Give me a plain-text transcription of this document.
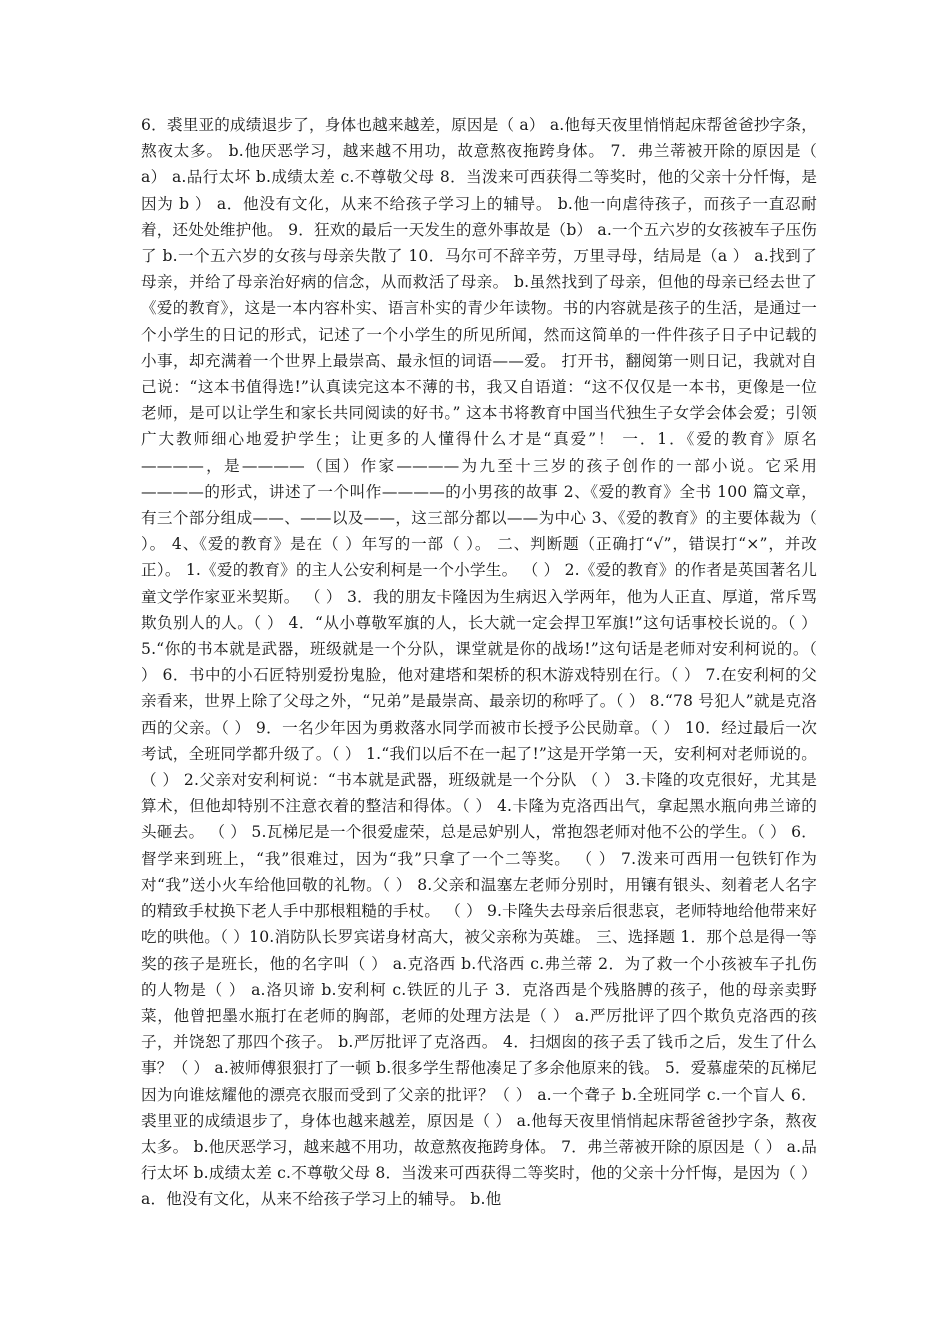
6．裘里亚的成绩退步了，身体也越来越差，原因是（ a） a.他每天夜里悄悄起床帮爸爸抄字条，熬夜太多。 b.他厌恶学习，越来越不用功，故意熬夜拖跨身体。 7．弗兰蒂被开除的原因是（ a） a.品行太坏 b.成绩太差 c.不尊敬父母 8．当泼来可西获得二等奖时，他的父亲十分忏悔，是因为 b ） a．他没有文化，从来不给孩子学习上的辅导。 b.他一向虐待孩子，而孩子一直忍耐着，还处处维护他。 9．狂欢的最后一天发生的意外事故是（b） a.一个五六岁的女孩被车子压伤了 b.一个五六岁的女孩与母亲失散了 10．马尔可不辞辛劳，万里寻母，结局是（a ） a.找到了母亲，并给了母亲治好病的信念，从而救活了母亲。 b.虽然找到了母亲，但他的母亲已经去世了《爱的教育》，这是一本内容朴实、语言朴实的青少年读物。书的内容就是孩子的生活，是通过一个小学生的日记的形式，记述了一个小学生的所见所闻，然而这简单的一件件孩子日子中记载的小事，却充满着一个世界上最崇高、最永恒的词语——爱。 打开书，翻阅第一则日记，我就对自己说：“这本书值得选!”认真读完这本不薄的书，我又自语道：“这不仅仅是一本书，更像是一位老师，是可以让学生和家长共同阅读的好书。” 这本书将教育中国当代独生子女学会体会爱；引领广大教师细心地爱护学生；让更多的人懂得什么才是“真爱”！ 一．1．《爱的教育》原名————，是————（国）作家————为九至十三岁的孩子创作的一部小说。它采用————的形式，讲述了一个叫作————的小男孩的故事 2、《爱的教育》全书 100 篇文章，有三个部分组成——、——以及——，这三部分都以——为中心 3、《爱的教育》的主要体裁为（ ）。 4、《爱的教育》是在（ ）年写的一部（ ）。 二、判断题（正确打“√”，错误打“×”，并改正）。 1.《爱的教育》的主人公安利柯是一个小学生。 （ ） 2.《爱的教育》的作者是英国著名儿童文学作家亚米契斯。 （ ） 3．我的朋友卡隆因为生病迟入学两年，他为人正直、厚道，常斥骂欺负别人的人。（ ） 4．“从小尊敬军旗的人，长大就一定会捍卫军旗!”这句话事校长说的。（ ） 5.“你的书本就是武器，班级就是一个分队，课堂就是你的战场!”这句话是老师对安利柯说的。（ ） 6．书中的小石匠特别爱扮鬼脸，他对建塔和架桥的积木游戏特别在行。（ ） 7.在安利柯的父亲看来，世界上除了父母之外，“兄弟”是最崇高、最亲切的称呼了。（ ） 8.“78 号犯人”就是克洛西的父亲。（ ） 9．一名少年因为勇救落水同学而被市长授予公民勋章。（ ） 10．经过最后一次考试，全班同学都升级了。（ ） 1.“我们以后不在一起了!”这是开学第一天，安利柯对老师说的。 （ ） 2.父亲对安利柯说：“书本就是武器，班级就是一个分队 （ ） 3.卡隆的攻克很好，尤其是算术，但他却特别不注意衣着的整洁和得体。（ ） 4.卡隆为克洛西出气，拿起黑水瓶向弗兰谛的头砸去。 （ ） 5.瓦梯尼是一个很爱虚荣，总是忌妒别人，常抱怨老师对他不公的学生。（ ） 6．督学来到班上，“我”很难过，因为“我”只拿了一个二等奖。 （ ） 7.泼来可西用一包铁钉作为对“我”送小火车给他回敬的礼物。（ ） 8.父亲和温塞左老师分别时，用镶有银头、刻着老人名字的精致手杖换下老人手中那根粗糙的手杖。 （ ） 9.卡隆失去母亲后很悲哀，老师特地给他带来好吃的哄他。（ ）10.消防队长罗宾诺身材高大，被父亲称为英雄。 三、选择题 1．那个总是得一等奖的孩子是班长，他的名字叫（ ） a.克洛西 b.代洛西 c.弗兰蒂 2．为了救一个小孩被车子扎伤的人物是（ ） a.洛贝谛 b.安利柯 c.铁匠的儿子 3．克洛西是个残胳膊的孩子，他的母亲卖野菜，他曾把墨水瓶打在老师的胸部，老师的处理方法是（ ） a.严厉批评了四个欺负克洛西的孩子，并饶恕了那四个孩子。 b.严厉批评了克洛西。 4．扫烟囱的孩子丢了钱币之后，发生了什么事？（ ） a.被师傅狠狠打了一顿 b.很多学生帮他凑足了多余他原来的钱。 5．爱慕虚荣的瓦梯尼因为向谁炫耀他的漂亮衣服而受到了父亲的批评？（ ） a.一个聋子 b.全班同学 c.一个盲人 6．裘里亚的成绩退步了，身体也越来越差，原因是（ ） a.他每天夜里悄悄起床帮爸爸抄字条，熬夜太多。 b.他厌恶学习，越来越不用功，故意熬夜拖跨身体。 7．弗兰蒂被开除的原因是（ ） a.品行太坏 b.成绩太差 c.不尊敬父母 8．当泼来可西获得二等奖时，他的父亲十分忏悔，是因为（ ） a．他没有文化，从来不给孩子学习上的辅导。 b.他
